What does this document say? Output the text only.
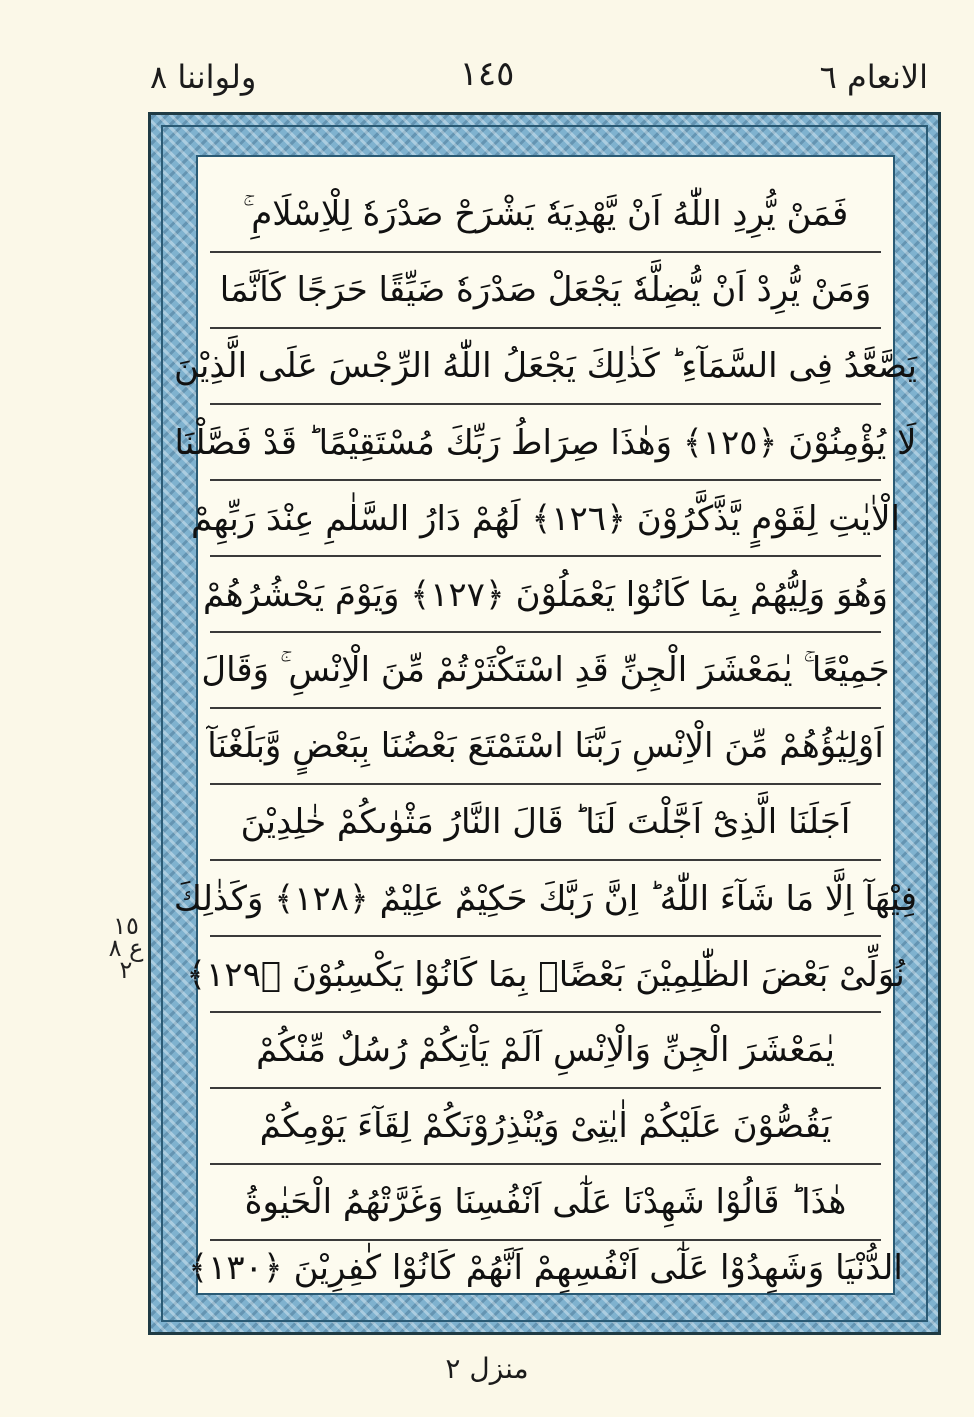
الانعام ٦
١٤٥
ولواننا ٨
١٥ ع ٨ ٢
فَمَنْ يُّرِدِ اللّٰهُ اَنْ يَّهْدِيَهٗ يَشْرَحْ صَدْرَهٗ لِلْاِسْلَامِ ۚ
وَمَنْ يُّرِدْ اَنْ يُّضِلَّهٗ يَجْعَلْ صَدْرَهٗ ضَيِّقًا حَرَجًا كَاَنَّمَا
يَصَّعَّدُ فِى السَّمَآءِ ؕ كَذٰلِكَ يَجْعَلُ اللّٰهُ الرِّجْسَ عَلَى الَّذِيْنَ
لَا يُؤْمِنُوْنَ ﴿١٢٥﴾ وَهٰذَا صِرَاطُ رَبِّكَ مُسْتَقِيْمًا ؕ قَدْ فَصَّلْنَا
الْاٰيٰتِ لِقَوْمٍ يَّذَّكَّرُوْنَ ﴿١٢٦﴾ لَهُمْ دَارُ السَّلٰمِ عِنْدَ رَبِّهِمْ
وَهُوَ وَلِيُّهُمْ بِمَا كَانُوْا يَعْمَلُوْنَ ﴿١٢٧﴾ وَيَوْمَ يَحْشُرُهُمْ
جَمِيْعًا ۚ يٰمَعْشَرَ الْجِنِّ قَدِ اسْتَكْثَرْتُمْ مِّنَ الْاِنْسِ ۚ وَقَالَ
اَوْلِيٰٓؤُهُمْ مِّنَ الْاِنْسِ رَبَّنَا اسْتَمْتَعَ بَعْضُنَا بِبَعْضٍ وَّبَلَغْنَآ
اَجَلَنَا الَّذِىْٓ اَجَّلْتَ لَنَا ؕ قَالَ النَّارُ مَثْوٰىكُمْ خٰلِدِيْنَ
فِيْهَآ اِلَّا مَا شَآءَ اللّٰهُ ؕ اِنَّ رَبَّكَ حَكِيْمٌ عَلِيْمٌ ﴿١٢٨﴾ وَكَذٰلِكَ
نُوَلِّىْ بَعْضَ الظّٰلِمِيْنَ بَعْضًاۢ بِمَا كَانُوْا يَكْسِبُوْنَ ﴿١٢٩﴾
يٰمَعْشَرَ الْجِنِّ وَالْاِنْسِ اَلَمْ يَاْتِكُمْ رُسُلٌ مِّنْكُمْ
يَقُصُّوْنَ عَلَيْكُمْ اٰيٰتِىْ وَيُنْذِرُوْنَكُمْ لِقَآءَ يَوْمِكُمْ
هٰذَا ؕ قَالُوْا شَهِدْنَا عَلٰٓى اَنْفُسِنَا وَغَرَّتْهُمُ الْحَيٰوةُ
الدُّنْيَا وَشَهِدُوْا عَلٰٓى اَنْفُسِهِمْ اَنَّهُمْ كَانُوْا كٰفِرِيْنَ ﴿١٣٠﴾
منزل ٢
